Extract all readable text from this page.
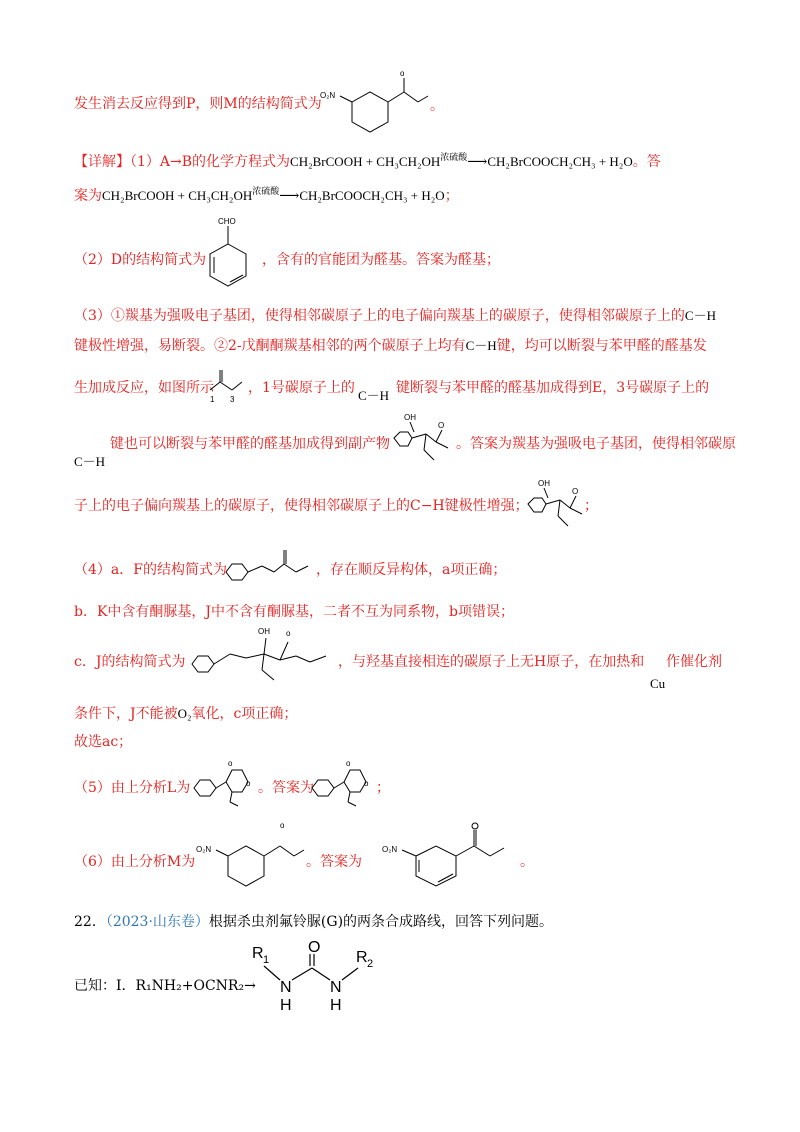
发生消去反应得到P，则M的结构简式为
O₂N
o
。
【详解】（1）A→B的化学方程式为CH₂BrCOOH + $CH_3CH_2OH^{浓硫酸}⟶CH_2BrCOOCH_2CH_3 + H_2O$。答
案为CH₂BrCOOH + $CH_3CH_2OH^{浓硫酸}⟶CH_2BrCOOCH_2CH_3 + H_2O$；
（2）D的结构简式为
CHO
，含有的官能团为醛基。答案为醛基；
（3）①羰基为强吸电子基团，使得相邻碳原子上的电子偏向羰基上的碳原子，使得相邻碳原子上的C－H
键极性增强，易断裂。②2-戊酮酮羰基相邻的两个碳原子上均有C－H键，均可以断裂与苯甲醛的醛基发
生加成反应，如图所示
1 3
，1号碳原子上的 C－H 键断裂与苯甲醛的醛基加成得到E，3号碳原子上的
键也可以断裂与苯甲醛的醛基加成得到副产物
C－H
OH
O
。答案为羰基为强吸电子基团，使得相邻碳原
子上的电子偏向羰基上的碳原子，使得相邻碳原子上的C−H键极性增强；
OH
O
；
（4）a．F的结构简式为	，存在顺反异构体，a项正确；
b．K中含有酮脲基，J中不含有酮脲基，二者不互为同系物，b项错误；
c．J的结构简式为
OH o
，与羟基直接相连的碳原子上无H原子，在加热和 作催化剂
Cu
条件下，J不能被O₂氧化，c项正确；
故选ac；
（5）由上分析L为
o
o 。答案为
o
o ；
（6）由上分析M为
o
O₂N
。答案为
O₂N
。
22．（2023·山东卷）根据杀虫剂氟铃脲(G)的两条合成路线，回答下列问题。
已知：Ⅰ．R₁NH₂+OCNR₂→
R 1
O
R 2
N
H
N
H
